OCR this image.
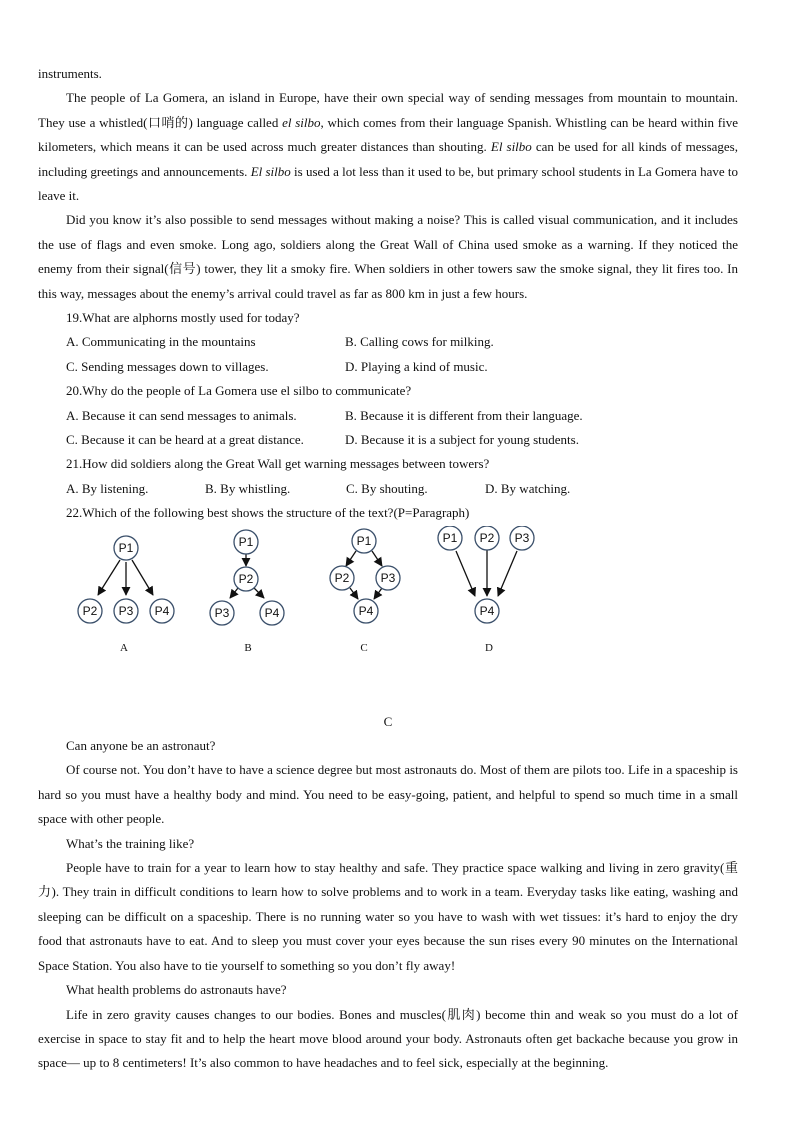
instruments.

The people of La Gomera, an island in Europe, have their own special way of sending messages from mountain to mountain. They use a whistled(口哨的) language called el silbo, which comes from their language Spanish. Whistling can be heard within five kilometers, which means it can be used across much greater distances than shouting. El silbo can be used for all kinds of messages, including greetings and announcements. El silbo is used a lot less than it used to be, but primary school students in La Gomera have to leave it.

Did you know it’s also possible to send messages without making a noise? This is called visual communication, and it includes the use of flags and even smoke. Long ago, soldiers along the Great Wall of China used smoke as a warning. If they noticed the enemy from their signal(信号) tower, they lit a smoky fire. When soldiers in other towers saw the smoke signal, they lit fires too. In this way, messages about the enemy’s arrival could travel as far as 800 km in just a few hours.

19.What are alphorns mostly used for today?

A. Communicating in the mountains	B. Calling cows for milking.
C. Sending messages down to villages.	D. Playing a kind of music.

20.Why do the people of La Gomera use el silbo to communicate?

A. Because it can send messages to animals.	B. Because it is different from their language.
C. Because it can be heard at a great distance.	D. Because it is a subject for young students.

21.How did soldiers along the Great Wall get warning messages between towers?

A. By listening.	B. By whistling.	C. By shouting.	D. By watching.

22.Which of the following best shows the structure of the text?(P=Paragraph)

P1
P2 P3 P4
A
P1
P2
P3	P4
B
P1
P2	P3
P4
C
P1 P2 P3
P4
D

C

Can anyone be an astronaut?

Of course not. You don’t have to have a science degree but most astronauts do. Most of them are pilots too. Life in a spaceship is hard so you must have a healthy body and mind. You need to be easy-going, patient, and helpful to spend so much time in a small space with other people.

What’s the training like?

People have to train for a year to learn how to stay healthy and safe. They practice space walking and living in zero gravity(重力). They train in difficult conditions to learn how to solve problems and to work in a team. Everyday tasks like eating, washing and sleeping can be difficult on a spaceship. There is no running water so you have to wash with wet tissues: it’s hard to enjoy the dry food that astronauts have to eat. And to sleep you must cover your eyes because the sun rises every 90 minutes on the International Space Station. You also have to tie yourself to something so you don’t fly away!

What health problems do astronauts have?

Life in zero gravity causes changes to our bodies. Bones and muscles(肌肉) become thin and weak so you must do a lot of exercise in space to stay fit and to help the heart move blood around your body. Astronauts often get backache because you grow in space— up to 8 centimeters! It’s also common to have headaches and to feel sick, especially at the beginning.
